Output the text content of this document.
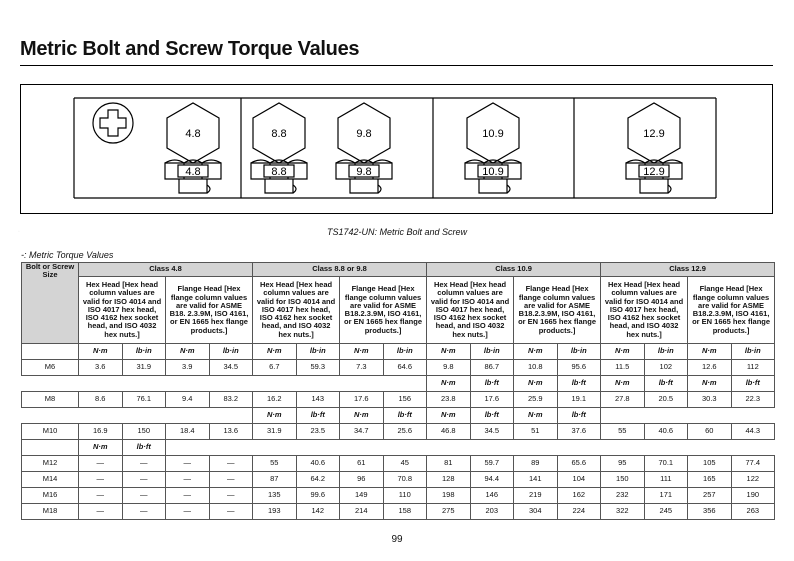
Metric Bolt and Screw Torque Values
4.8
4.8
8.8
8.8
9.8
9.8
10.9
10.9
12.9
12.9
TS1742-UN: Metric Bolt and Screw
-: Metric Torque Values
Bolt or Screw Size	Class 4.8				Class 8.8 or 9.8				Class 10.9				Class 12.9			
	Hex Head [Hex head column values are valid for ISO 4014 and ISO 4017 hex head, ISO 4162 hex socket head, and ISO 4032 hex nuts.]		Flange Head [Hex flange column values are valid for ASME B18. 2.3.9M, ISO 4161, or EN 1665 hex flange products.]		Hex Head [Hex head column values are valid for ISO 4014 and ISO 4017 hex head, ISO 4162 hex socket head, and ISO 4032 hex nuts.]		Flange Head [Hex flange column values are valid for ASME B18.2.3.9M, ISO 4161, or EN 1665 hex flange products.]		Hex Head [Hex head column values are valid for ISO 4014 and ISO 4017 hex head, ISO 4162 hex socket head, and ISO 4032 hex nuts.]		Flange Head [Hex flange column values are valid for ASME B18.2.3.9M, ISO 4161, or EN 1665 hex flange products.]		Hex Head [Hex head column values are valid for ISO 4014 and ISO 4017 hex head, ISO 4162 hex socket head, and ISO 4032 hex nuts.]		Flange Head [Hex flange column values are valid for ASME B18.2.3.9M, ISO 4161, or EN 1665 hex flange products.]	
	N·m	lb·in	N·m	lb·in	N·m	lb·in	N·m	lb·in	N·m	lb·in	N·m	lb·in	N·m	lb·in	N·m	lb·in
M6	3.6	31.9	3.9	34.5	6.7	59.3	7.3	64.6	9.8	86.7	10.8	95.6	11.5	102	12.6	112
									N·m	lb·ft	N·m	lb·ft	N·m	lb·ft	N·m	lb·ft
M8	8.6	76.1	9.4	83.2	16.2	143	17.6	156	23.8	17.6	25.9	19.1	27.8	20.5	30.3	22.3
					N·m	lb·ft	N·m	lb·ft	N·m	lb·ft	N·m	lb·ft				
M10	16.9	150	18.4	13.6	31.9	23.5	34.7	25.6	46.8	34.5	51	37.6	55	40.6	60	44.3
	N·m	lb·ft														
M12	—	—	—	—	55	40.6	61	45	81	59.7	89	65.6	95	70.1	105	77.4
M14	—	—	—	—	87	64.2	96	70.8	128	94.4	141	104	150	111	165	122
M16	—	—	—	—	135	99.6	149	110	198	146	219	162	232	171	257	190
M18	—	—	—	—	193	142	214	158	275	203	304	224	322	245	356	263
99
·
